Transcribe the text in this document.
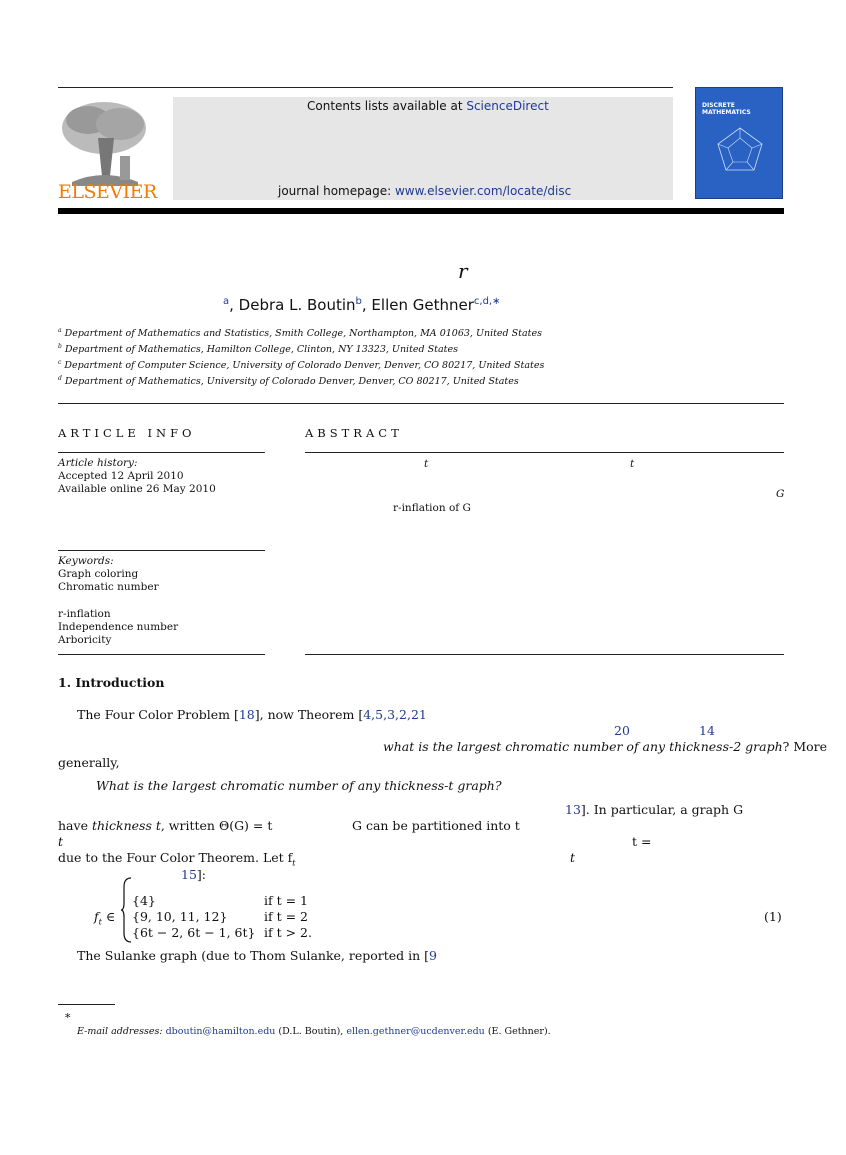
ELSEVIER
Contents lists available at ScienceDirect
journal homepage: www.elsevier.com/locate/disc
DISCRETE
MATHEMATICS
r
$^a$, Debra L. Boutin$^b$, Ellen Gethner$^{c,d,∗}$
$^a$ Department of Mathematics and Statistics, Smith College, Northampton, MA 01063, United States
$^b$ Department of Mathematics, Hamilton College, Clinton, NY 13323, United States
$^c$ Department of Computer Science, University of Colorado Denver, Denver, CO 80217, United States
$^d$ Department of Mathematics, University of Colorado Denver, Denver, CO 80217, United States
ARTICLE INFO
Article history:
Accepted 12 April 2010
Available online 26 May 2010
Keywords:
Graph coloring
Chromatic number
r-inflation
Independence number
Arboricity
ABSTRACT
t	t
G
r-inflation of G
1. Introduction
The Four Color Problem [18], now Theorem [4,5,3,2,21
20	14
what is the largest chromatic number of any thickness-2 graph? More
generally,
What is the largest chromatic number of any thickness-t graph?
13]. In particular, a graph G
have thickness t, written Θ(G) = t	G can be partitioned into t
t	t =
due to the Four Color Theorem. Let $f_t$	t
15]:
$f_t$ ∈
{4}	if t = 1
{9, 10, 11, 12}	if t = 2
{6t − 2, 6t − 1, 6t} if t > 2.
(1)
The Sulanke graph (due to Thom Sulanke, reported in [9
∗
E-mail addresses: dboutin@hamilton.edu (D.L. Boutin), ellen.gethner@ucdenver.edu (E. Gethner).
